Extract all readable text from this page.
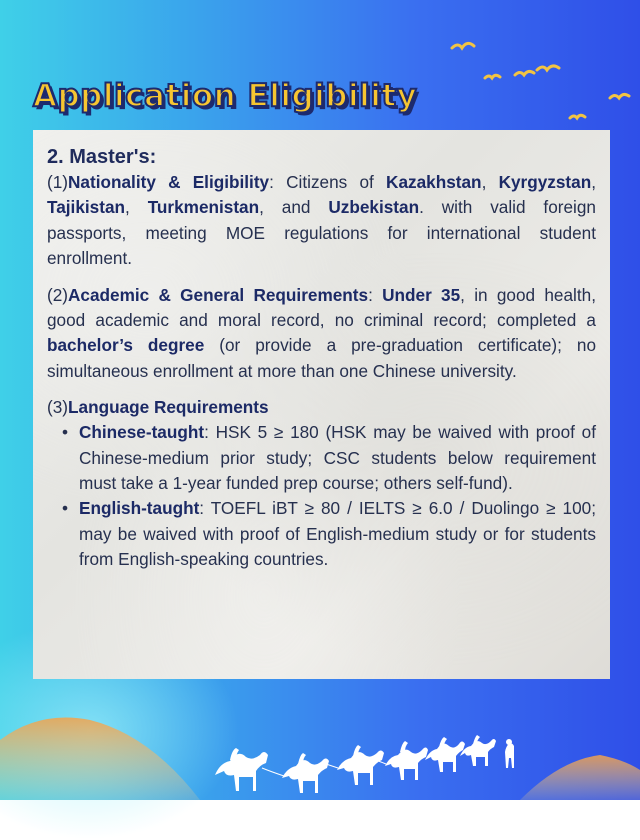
Application Eligibility
2. Master's:

(1)Nationality & Eligibility: Citizens of Kazakhstan, Kyrgyzstan, Tajikistan, Turkmenistan, and Uzbekistan. with valid foreign passports, meeting MOE regulations for international student enrollment.

(2)Academic & General Requirements: Under 35, in good health, good academic and moral record, no criminal record; completed a bachelor’s degree (or provide a pre-graduation certificate); no simultaneous enrollment at more than one Chinese university.

(3)Language Requirements

• Chinese-taught: HSK 5 ≥ 180 (HSK may be waived with proof of Chinese-medium prior study; CSC students below requirement must take a 1-year funded prep course; others self-fund).
• English-taught: TOEFL iBT ≥ 80 / IELTS ≥ 6.0 / Duolingo ≥ 100; may be waived with proof of English-medium study or for students from English-speaking countries.
